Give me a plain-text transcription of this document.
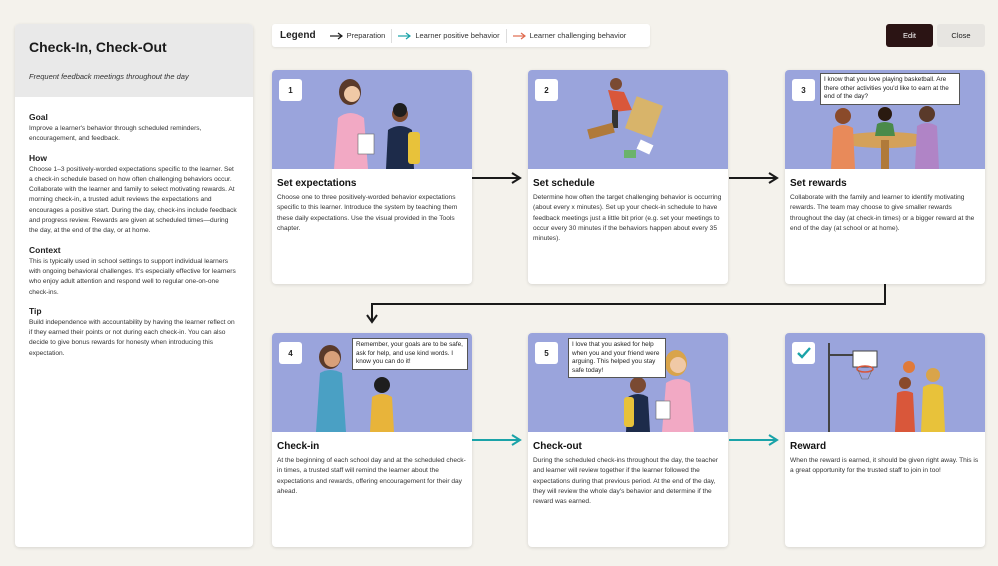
Check-In, Check-Out
Frequent feedback meetings throughout the day
Goal
Improve a learner's behavior through scheduled reminders, encouragement, and feedback.
How
Choose 1–3 positively-worded expectations specific to the learner. Set a check-in schedule based on how often challenging behaviors occur. Collaborate with the learner and family to select motivating rewards. At morning check-in, a trusted adult reviews the expectations and encourages a positive start. During the day, check-ins include feedback and progress review. Rewards are given at scheduled times—during the day, at the end of the day, or at home.
Context
This is typically used in school settings to support individual learners with ongoing behavioral challenges. It's especially effective for learners who enjoy adult attention and respond well to regular one-on-one check-ins.
Tip
Build independence with accountability by having the learner reflect on if they earned their points or not during each check-in. You can also decide to give bonus rewards for honesty when introducing this expectation.
Legend	Preparation	Learner positive behavior	Learner challenging behavior	Edit	Close
1
Set expectations
Choose one to three positively-worded behavior expectations specific to this learner. Introduce the system by teaching them these daily expectations. Use the visual provided in the Tools chapter.
2
Set schedule
Determine how often the target challenging behavior is occurring (about every x minutes). Set up your check-in schedule to have feedback meetings just a little bit prior (e.g. set your meetings to occur every 30 minutes if the behaviors happen about every 35 minutes).
3
I know that you love playing basketball. Are there other activities you'd like to earn at the end of the day?
Set rewards
Collaborate with the family and learner to identify motivating rewards. The team may choose to give smaller rewards throughout the day (at check-in times) or a bigger reward at the end of the day (at school or at home).
4
Remember, your goals are to be safe, ask for help, and use kind words. I know you can do it!
Check-in
At the beginning of each school day and at the scheduled check-in times, a trusted staff will remind the learner about the expectations and rewards, offering encouragement for their day ahead.
5
I love that you asked for help when you and your friend were arguing. This helped you stay safe today!
Check-out
During the scheduled check-ins throughout the day, the teacher and learner will review together if the learner followed the expectations during that previous period. At the end of the day, they will review the whole day's behavior and determine if the reward was earned.
Reward
When the reward is earned, it should be given right away. This is a great opportunity for the trusted staff to join in too!
